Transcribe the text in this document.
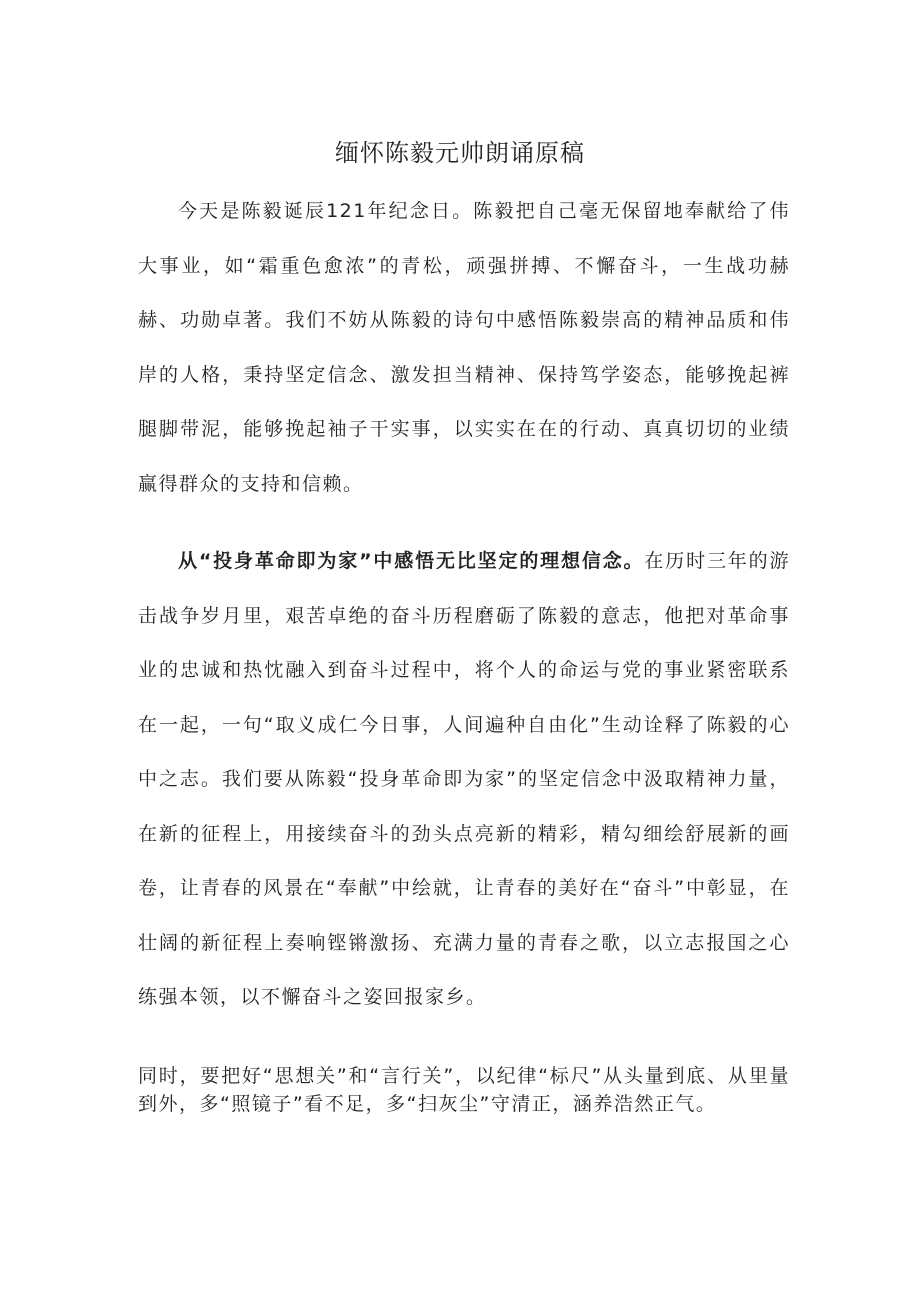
缅怀陈毅元帅朗诵原稿

今天是陈毅诞辰121年纪念日。陈毅把自己毫无保留地奉献给了伟大事业，如“霜重色愈浓”的青松，顽强拼搏、不懈奋斗，一生战功赫赫、功勋卓著。我们不妨从陈毅的诗句中感悟陈毅崇高的精神品质和伟岸的人格，秉持坚定信念、激发担当精神、保持笃学姿态，能够挽起裤腿脚带泥，能够挽起袖子干实事，以实实在在的行动、真真切切的业绩赢得群众的支持和信赖。

从“投身革命即为家”中感悟无比坚定的理想信念。在历时三年的游击战争岁月里，艰苦卓绝的奋斗历程磨砺了陈毅的意志，他把对革命事业的忠诚和热忱融入到奋斗过程中，将个人的命运与党的事业紧密联系在一起，一句“取义成仁今日事，人间遍种自由化”生动诠释了陈毅的心中之志。我们要从陈毅“投身革命即为家”的坚定信念中汲取精神力量，在新的征程上，用接续奋斗的劲头点亮新的精彩，精勾细绘舒展新的画卷，让青春的风景在“奉献”中绘就，让青春的美好在“奋斗”中彰显，在壮阔的新征程上奏响铿锵激扬、充满力量的青春之歌，以立志报国之心练强本领，以不懈奋斗之姿回报家乡。

同时，要把好“思想关”和“言行关”，以纪律“标尺”从头量到底、从里量到外，多“照镜子”看不足，多“扫灰尘”守清正，涵养浩然正气。
